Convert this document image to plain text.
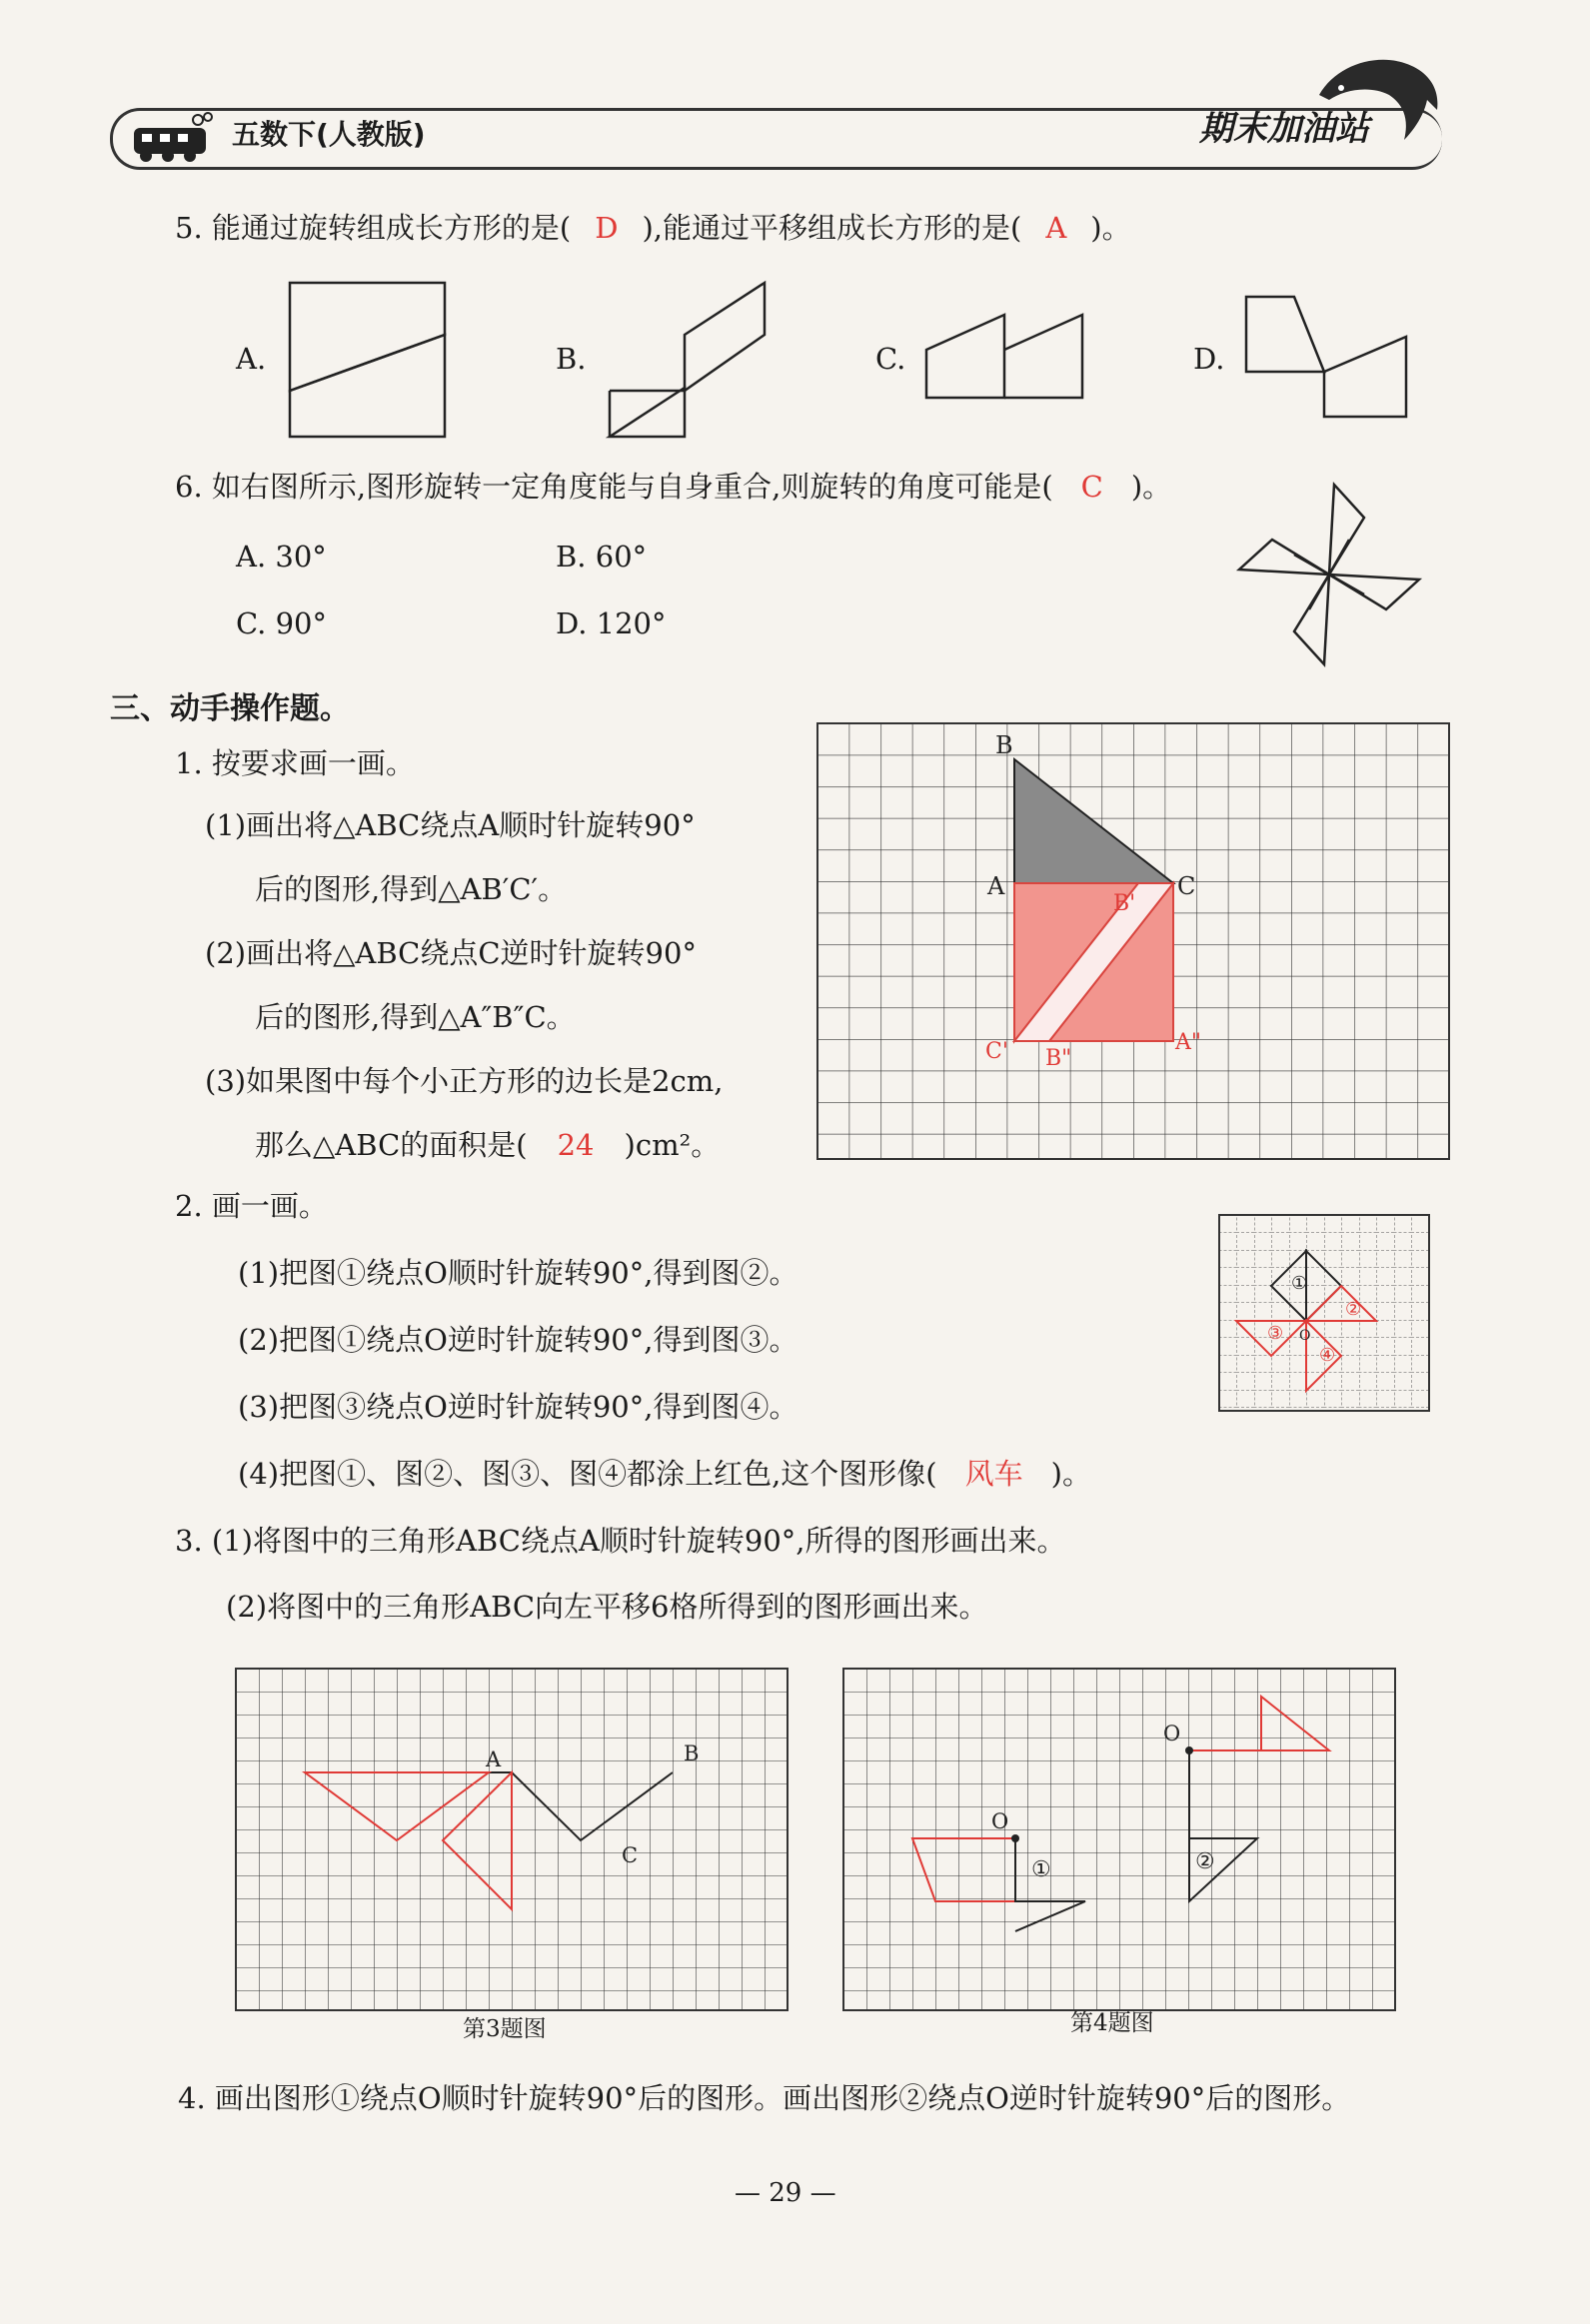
五数下(人教版)	期末加油站
5. 能通过旋转组成长方形的是( D ),能通过平移组成长方形的是( A )。
A.	B.	C.	D.
6. 如右图所示,图形旋转一定角度能与自身重合,则旋转的角度可能是( C )。
A. 30°	B. 60°
C. 90°	D. 120°
三、动手操作题。
1. 按要求画一画。
(1)画出将△ABC绕点A顺时针旋转90°
后的图形,得到△AB′C′。
(2)画出将△ABC绕点C逆时针旋转90°
后的图形,得到△A″B″C。
(3)如果图中每个小正方形的边长是2cm,
那么△ABC的面积是( 24 )cm²。
B
A	C
B'
C' B"
A"
2. 画一画。
(1)把图①绕点O顺时针旋转90°,得到图②。
(2)把图①绕点O逆时针旋转90°,得到图③。
(3)把图③绕点O逆时针旋转90°,得到图④。
(4)把图①、图②、图③、图④都涂上红色,这个图形像( 风车 )。
①
②
③
④
O
3. (1)将图中的三角形ABC绕点A顺时针旋转90°,所得的图形画出来。
(2)将图中的三角形ABC向左平移6格所得到的图形画出来。
A	B
C
第3题图
O
O
①	②
第4题图
4. 画出图形①绕点O顺时针旋转90°后的图形。画出图形②绕点O逆时针旋转90°后的图形。
— 29 —
